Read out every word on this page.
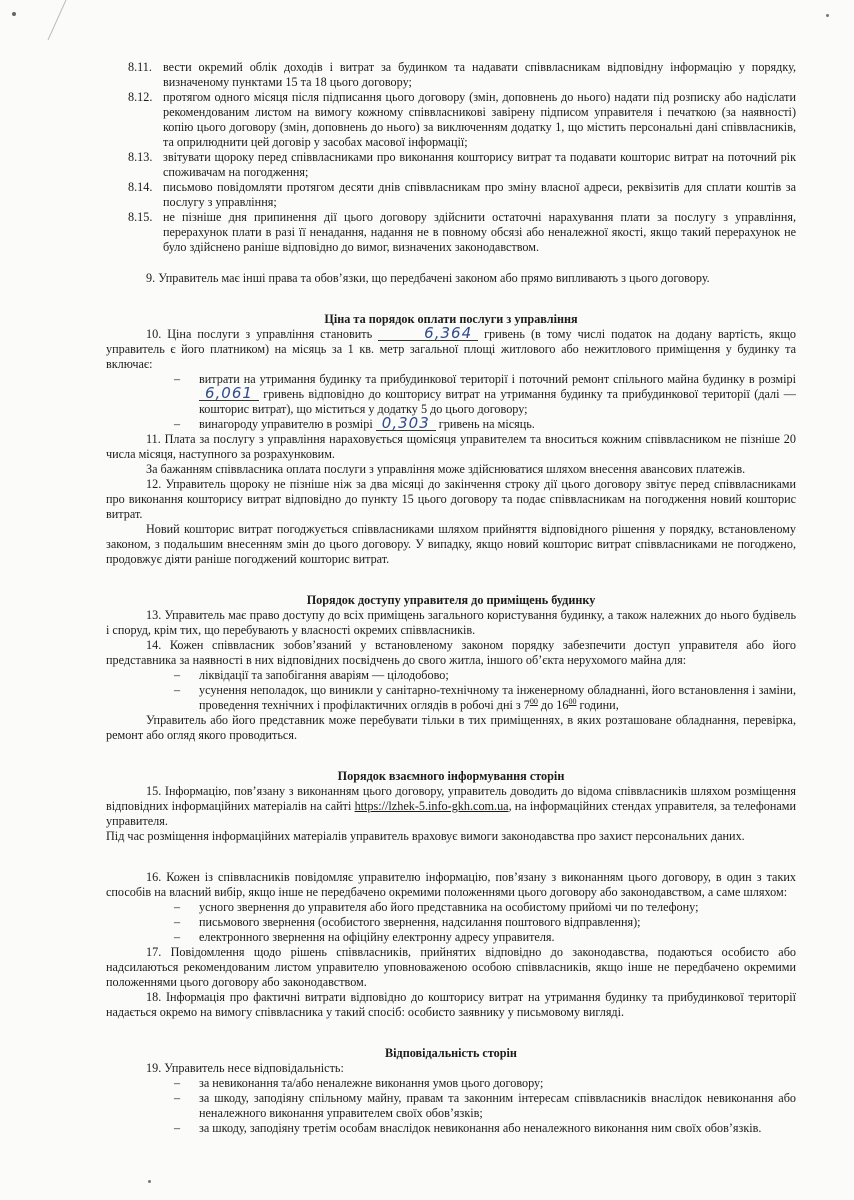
8.11. вести окремий облік доходів і витрат за будинком та надавати співвласникам відповідну інформацію у порядку, визначеному пунктами 15 та 18 цього договору;
8.12. протягом одного місяця після підписання цього договору (змін, доповнень до нього) надати під розписку або надіслати рекомендованим листом на вимогу кожному співвласникові завірену підписом управителя і печаткою (за наявності) копію цього договору (змін, доповнень до нього) за виключенням додатку 1, що містить персональні дані співвласників, та оприлюднити цей договір у засобах масової інформації;
8.13. звітувати щороку перед співвласниками про виконання кошторису витрат та подавати кошторис витрат на поточний рік споживачам на погодження;
8.14. письмово повідомляти протягом десяти днів співвласникам про зміну власної адреси, реквізитів для сплати коштів за послугу з управління;
8.15. не пізніше дня припинення дії цього договору здійснити остаточні нарахування плати за послугу з управління, перерахунок плати в разі її ненадання, надання не в повному обсязі або неналежної якості, якщо такий перерахунок не було здійснено раніше відповідно до вимог, визначених законодавством.

9. Управитель має інші права та обов’язки, що передбачені законом або прямо випливають з цього договору.

Ціна та порядок оплати послуги з управління

10. Ціна послуги з управління становить	6,364 гривень (в тому числі податок на додану вартість, якщо управитель є його платником) на місяць за 1 кв. метр загальної площі житлового або нежитлового приміщення у будинку та включає:

–	витрати на утримання будинку та прибудинкової території і поточний ремонт спільного майна будинку в розмірі 6,061 гривень відповідно до кошторису витрат на утримання будинку та прибудинкової території (далі — кошторис витрат), що міститься у додатку 5 до цього договору;
–	винагороду управителю в розмірі 0,303 гривень на місяць.

11. Плата за послугу з управління нараховується щомісяця управителем та вноситься кожним співвласником не пізніше 20 числа місяця, наступного за розрахунковим.

За бажанням співвласника оплата послуги з управління може здійснюватися шляхом внесення авансових платежів.

12. Управитель щороку не пізніше ніж за два місяці до закінчення строку дії цього договору звітує перед співвласниками про виконання кошторису витрат відповідно до пункту 15 цього договору та подає співвласникам на погодження новий кошторис витрат.

Новий кошторис витрат погоджується співвласниками шляхом прийняття відповідного рішення у порядку, встановленому законом, з подальшим внесенням змін до цього договору. У випадку, якщо новий кошторис витрат співвласниками не погоджено, продовжує діяти раніше погоджений кошторис витрат.

Порядок доступу управителя до приміщень будинку

13. Управитель має право доступу до всіх приміщень загального користування будинку, а також належних до нього будівель і споруд, крім тих, що перебувають у власності окремих співвласників.

14. Кожен співвласник зобов’язаний у встановленому законом порядку забезпечити доступ управителя або його представника за наявності в них відповідних посвідчень до свого житла, іншого об’єкта нерухомого майна для:

–	ліквідації та запобігання аваріям — цілодобово;
–	усунення неполадок, що виникли у санітарно-технічному та інженерному обладнанні, його встановлення і заміни, проведення технічних і профілактичних оглядів в робочі дні з $7^{00}$ до $16^{00}$ години,

Управитель або його представник може перебувати тільки в тих приміщеннях, в яких розташоване обладнання, перевірка, ремонт або огляд якого проводиться.

Порядок взаємного інформування сторін

15. Інформацію, пов’язану з виконанням цього договору, управитель доводить до відома співвласників шляхом розміщення відповідних інформаційних матеріалів на сайті https://lzhek-5.info-gkh.com.ua, на інформаційних стендах управителя, за телефонами управителя.

Під час розміщення інформаційних матеріалів управитель враховує вимоги законодавства про захист персональних даних.

16. Кожен із співвласників повідомляє управителю інформацію, пов’язану з виконанням цього договору, в один з таких способів на власний вибір, якщо інше не передбачено окремими положеннями цього договору або законодавством, а саме шляхом:

–	усного звернення до управителя або його представника на особистому прийомі чи по телефону;
–	письмового звернення (особистого звернення, надсилання поштового відправлення);
–	електронного звернення на офіційну електронну адресу управителя.

17. Повідомлення щодо рішень співвласників, прийнятих відповідно до законодавства, подаються особисто або надсилаються рекомендованим листом управителю уповноваженою особою співвласників, якщо інше не передбачено окремими положеннями цього договору або законодавством.

18. Інформація про фактичні витрати відповідно до кошторису витрат на утримання будинку та прибудинкової території надається окремо на вимогу співвласника у такий спосіб: особисто заявнику у письмовому вигляді.

Відповідальність сторін

19. Управитель несе відповідальність:

–	за невиконання та/або неналежне виконання умов цього договору;
–	за шкоду, заподіяну спільному майну, правам та законним інтересам співвласників внаслідок невиконання або неналежного виконання управителем своїх обов’язків;
–	за шкоду, заподіяну третім особам внаслідок невиконання або неналежного виконання ним своїх обов’язків.
